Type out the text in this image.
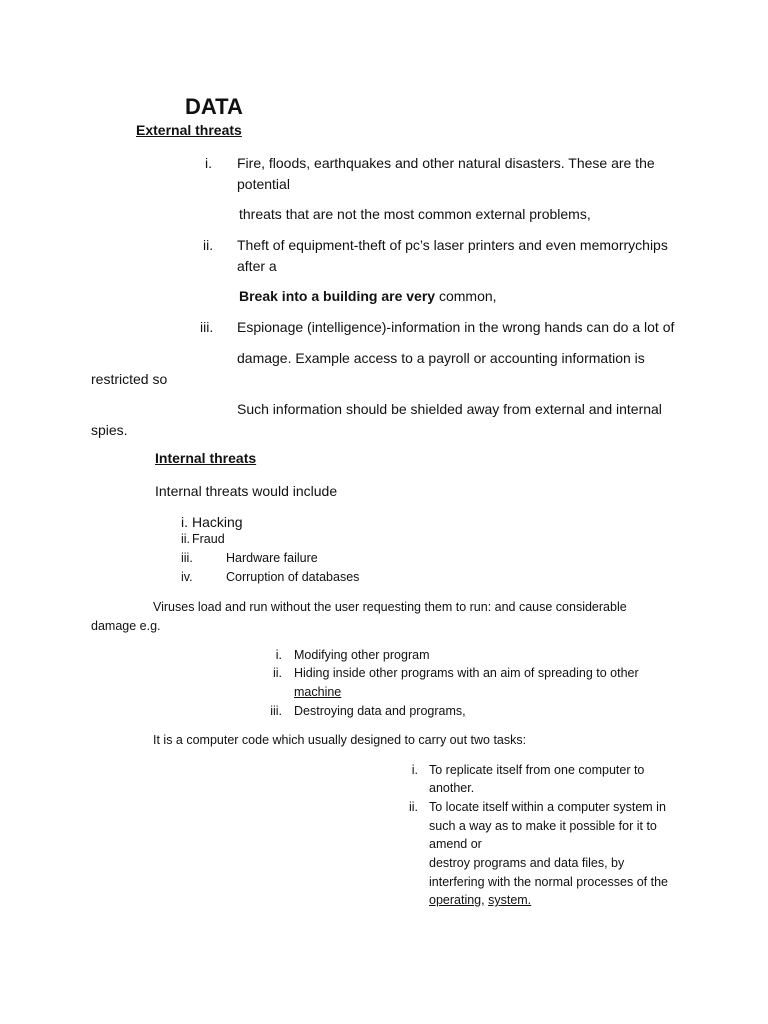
DATA
External threats
i. Fire, floods, earthquakes and other natural disasters. These are the
potential
threats that are not the most common external problems,
ii. Theft of equipment-theft of pc’s laser printers and even memorrychips
after a
Break into a building are very common,
iii. Espionage (intelligence)-information in the wrong hands can do a lot of
damage. Example access to a payroll or accounting information is
restricted so
Such information should be shielded away from external and internal
spies.
Internal threats
Internal threats would include
i. Hacking
ii. Fraud
iii.	Hardware failure
iv.	Corruption of databases
Viruses load and run without the user requesting them to run: and cause considerable
damage e.g.
i. Modifying other program
ii. Hiding inside other programs with an aim of spreading to other
machine
iii. Destroying data and programs,
It is a computer code which usually designed to carry out two tasks:
i. To replicate itself from one computer to
another.
ii. To locate itself within a computer system in
such a way as to make it possible for it to
amend or
destroy programs and data files, by
interfering with the normal processes of the
operating, system.
